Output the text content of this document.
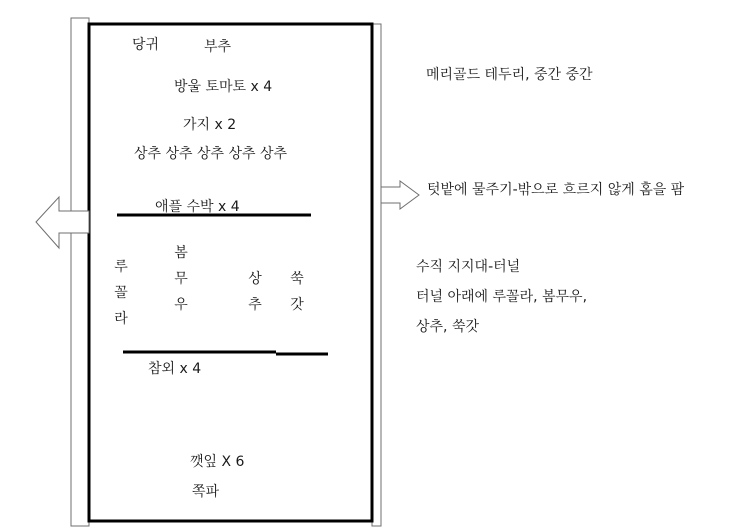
당귀	부추
방울 토마토 x 4
가지 x 2
상추 상추 상추 상추 상추
애플 수박 x 4
루
꼴
라
봄
무
우
상
추
쑥
갓
참외 x 4
깻잎 X 6
쪽파
메리골드 테두리, 중간 중간
텃밭에 물주기-밖으로 흐르지 않게 홈을 팜
수직 지지대-터널
터널 아래에 루꼴라, 봄무우,
상추, 쑥갓
